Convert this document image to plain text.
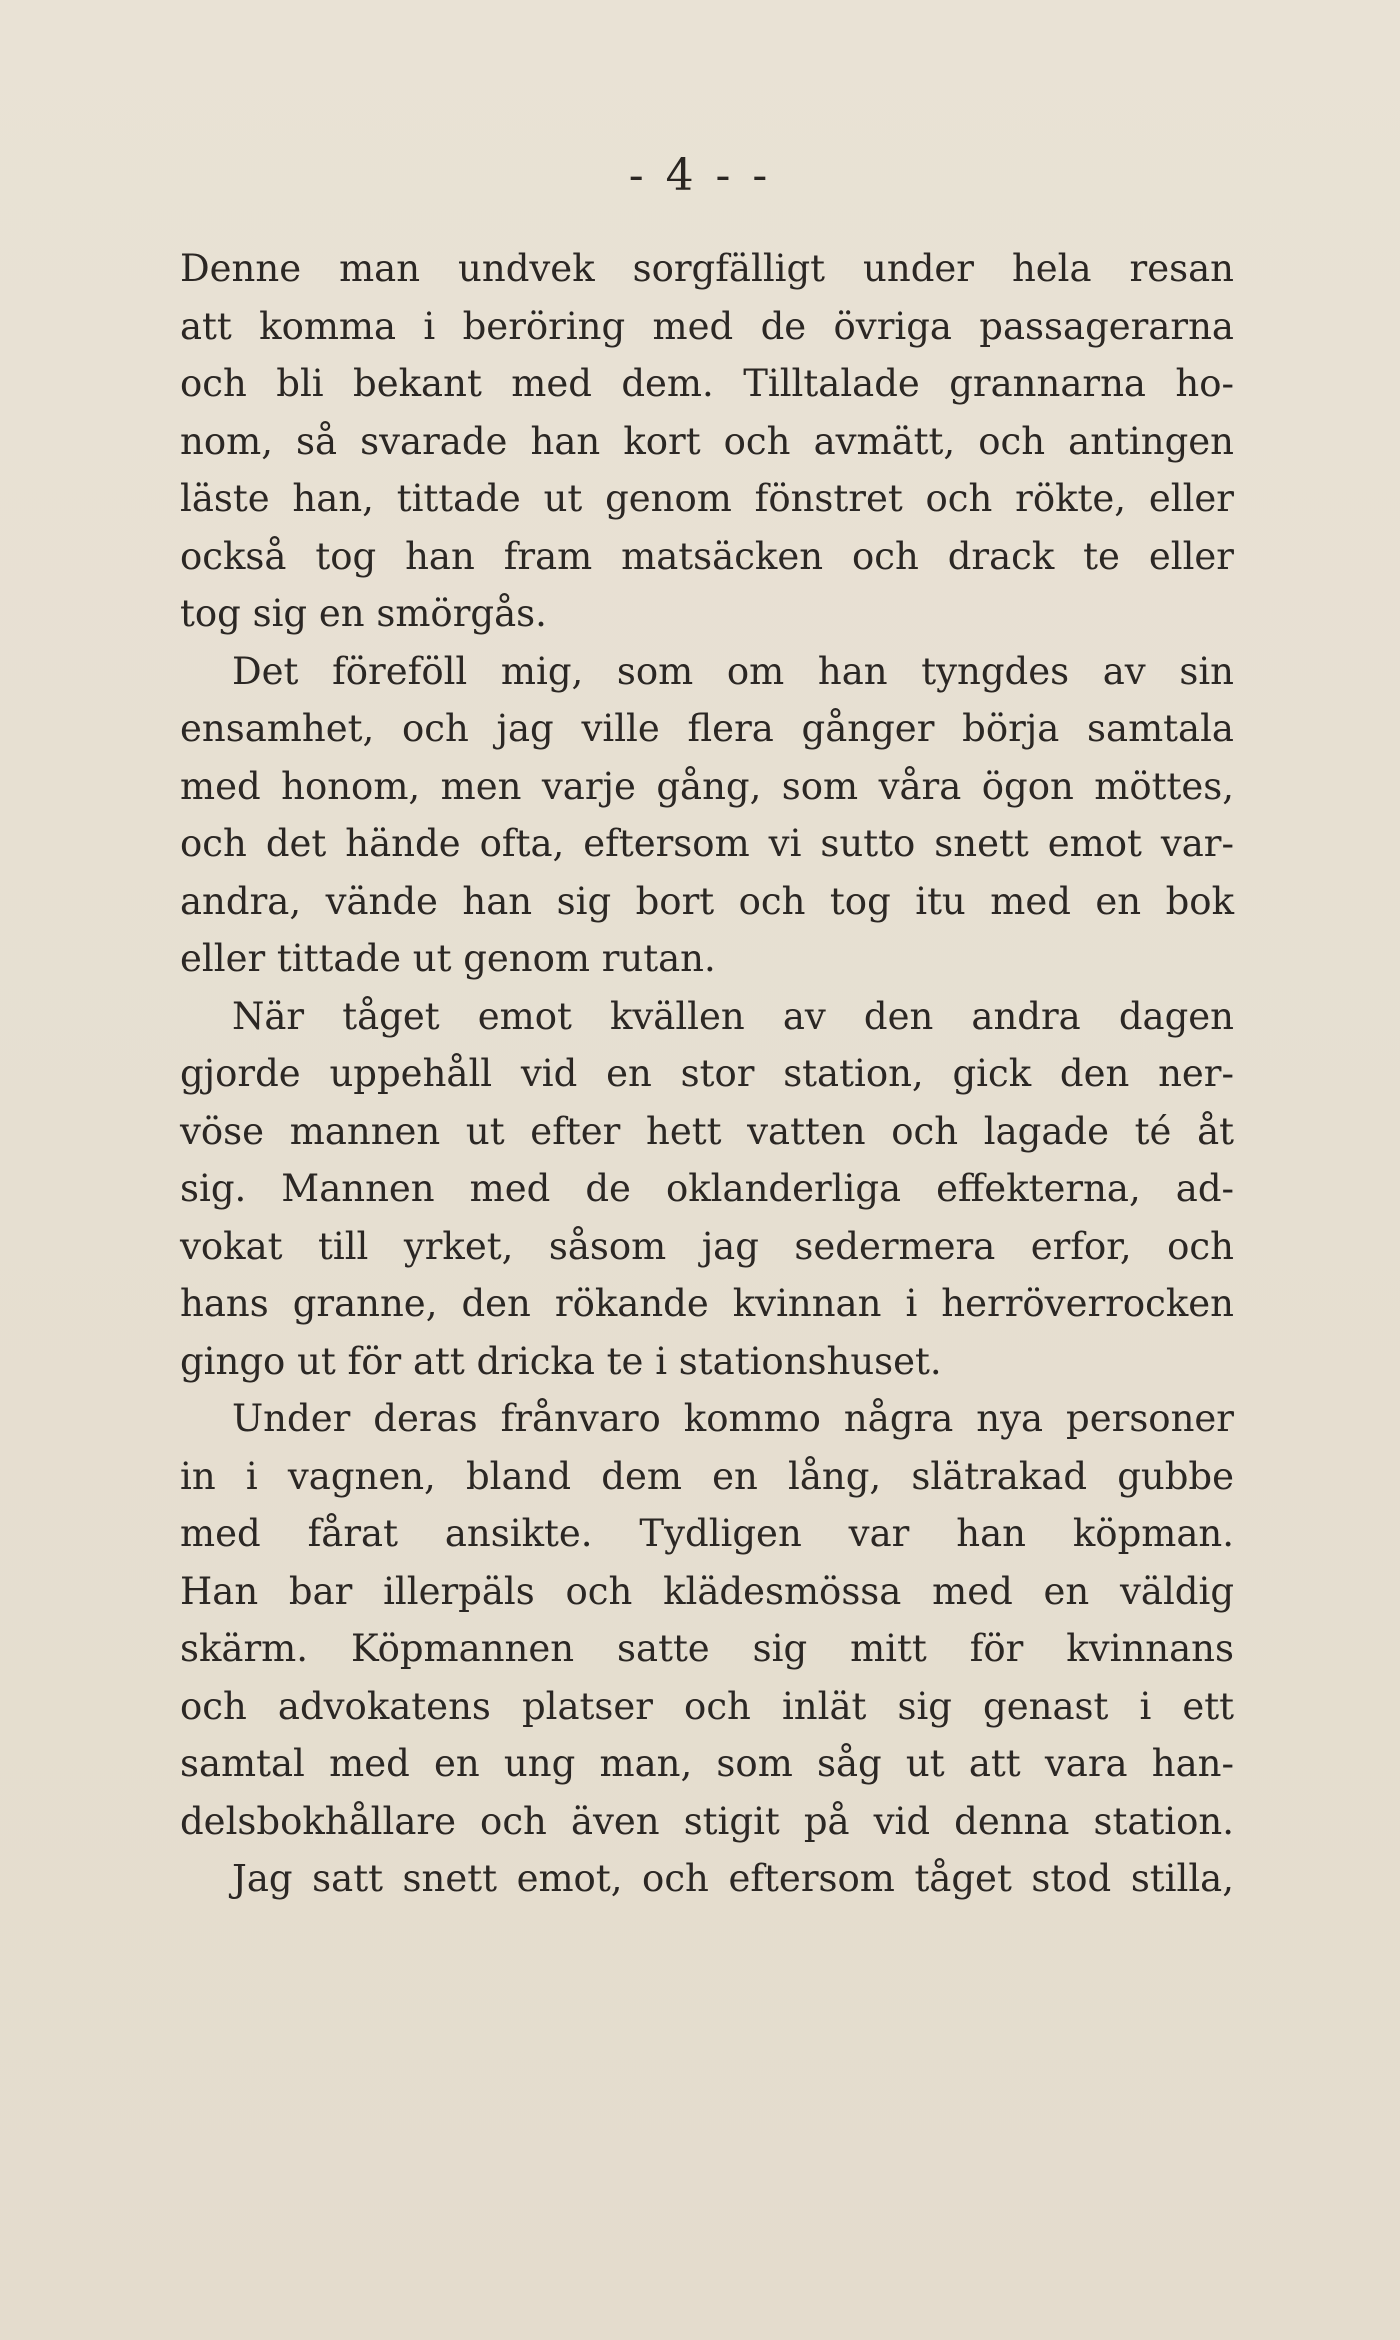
- 4 - -
Denne man undvek sorgfälligt under hela resan
att komma i beröring med de övriga passagerarna
och bli bekant med dem. Tilltalade grannarna ho-
nom, så svarade han kort och avmätt, och antingen
läste han, tittade ut genom fönstret och rökte, eller
också tog han fram matsäcken och drack te eller
tog sig en smörgås.
Det föreföll mig, som om han tyngdes av sin
ensamhet, och jag ville flera gånger börja samtala
med honom, men varje gång, som våra ögon möttes,
och det hände ofta, eftersom vi sutto snett emot var-
andra, vände han sig bort och tog itu med en bok
eller tittade ut genom rutan.
När tåget emot kvällen av den andra dagen
gjorde uppehåll vid en stor station, gick den ner-
vöse mannen ut efter hett vatten och lagade té åt
sig. Mannen med de oklanderliga effekterna, ad-
vokat till yrket, såsom jag sedermera erfor, och
hans granne, den rökande kvinnan i herröverrocken
gingo ut för att dricka te i stationshuset.
Under deras frånvaro kommo några nya personer
in i vagnen, bland dem en lång, slätrakad gubbe
med fårat ansikte. Tydligen var han köpman.
Han bar illerpäls och klädesmössa med en väldig
skärm. Köpmannen satte sig mitt för kvinnans
och advokatens platser och inlät sig genast i ett
samtal med en ung man, som såg ut att vara han-
delsbokhållare och även stigit på vid denna station.
Jag satt snett emot, och eftersom tåget stod stilla,
